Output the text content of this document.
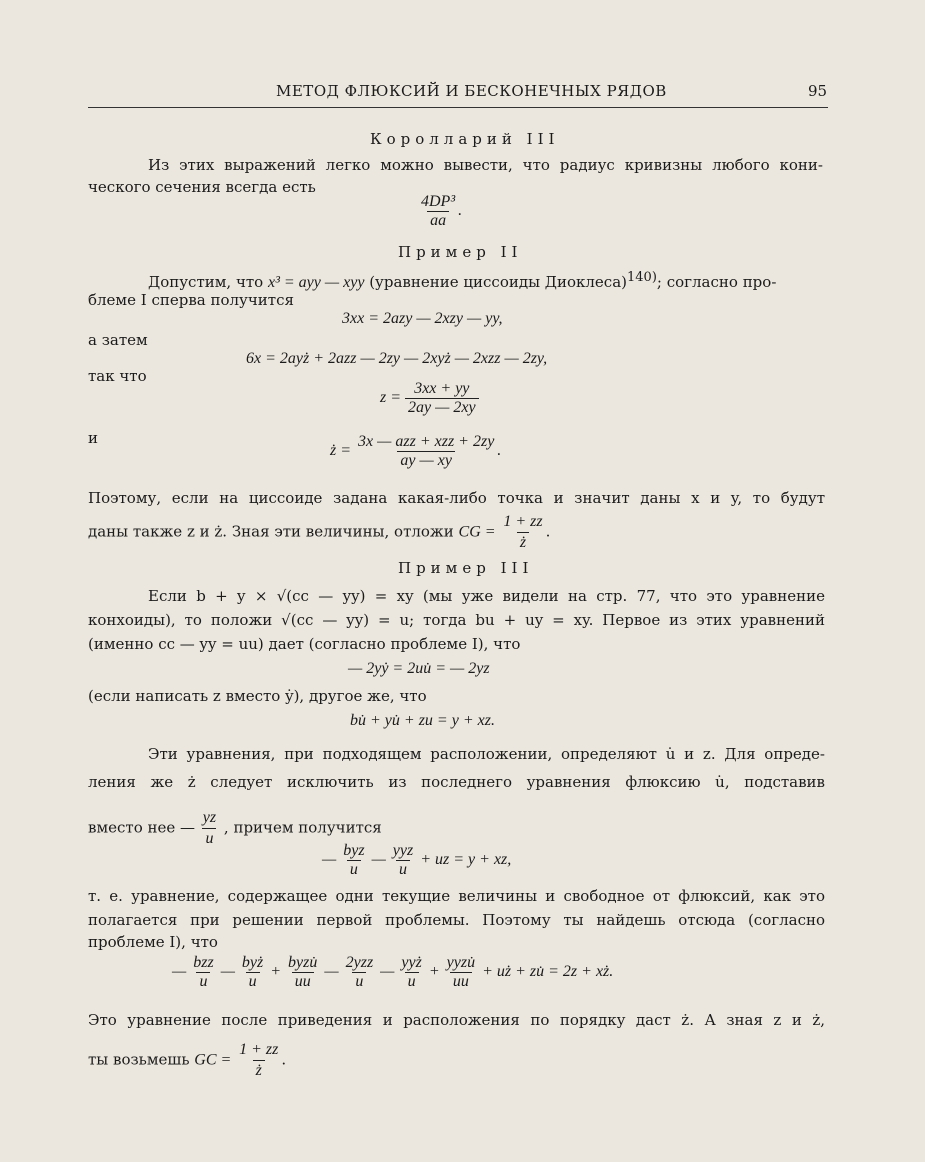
МЕТОД ФЛЮКСИЙ И БЕСКОНЕЧНЫХ РЯДОВ	95
Королларий III
Из этих выражений легко можно вывести, что радиус кривизны любого кони-
ческого сечения всегда есть
$\frac{\text{4DP³}}{aa}$ .
Пример II
Допустим, что x³ = ayy — xyy (уравнение циссоиды Диоклеса)$^{140)}$; согласно про-
блеме I сперва получится
3xx = 2azy — 2xzy — yy,
а затем
6x = 2ayż + 2azz — 2zy — 2xyż — 2xzz — 2zy,
так что
$z = \frac{3xx + yy}{2ay — 2xy}$
и
ż = $\frac{\text{3x — azz + xzz + 2zy}}{ay — xy}$ .
Поэтому, если на циссоиде задана какая-либо точка и значит даны x и y, то будут
даны также z и ż. Зная эти величины, отложи CG = $\frac{1 + zz}{ż}$ .
Пример III
Если b + y × √(cc — yy) = xy (мы уже видели на стр. 77, что это уравнение
конхоиды), то положи √(cc — yy) = u; тогда bu + uy = xy. Первое из этих уравнений
(именно cc — yy = uu) дает (согласно проблеме I), что
— 2yẏ = 2uu̇ = — 2yz
(если написать z вместо ẏ), другое же, что
bu̇ + yu̇ + zu = y + xz.
Эти уравнения, при подходящем расположении, определяют u̇ и z. Для опреде-
ления же ż следует исключить из последнего уравнения флюксию u̇, подставив
вместо нее — $\frac{yz}{u}$ , причем получится
— $\frac{\text{byz}}{u}$ — $\frac{\text{yyz}}{u}$ + uz = y + xz,
т. е. уравнение, содержащее одни текущие величины и свободное от флюксий, как это
полагается при решении первой проблемы. Поэтому ты найдешь отсюда (согласно
проблеме I), что
— $\frac{\text{bzz}}{u}$ — $\frac{\text{byż}}{u} + \frac{\text{byzu̇}}{uu}$ — $\frac{\text{2yzz}}{u}$ — $\frac{\text{yyż}}{u} + \frac{\text{yyzu̇}}{uu}$ + uż + zu̇ = 2z + xż.
Это уравнение после приведения и расположения по порядку даст ż. А зная z и ż,
ты возьмешь GC = $\frac{1 + zz}{ż}$ .
